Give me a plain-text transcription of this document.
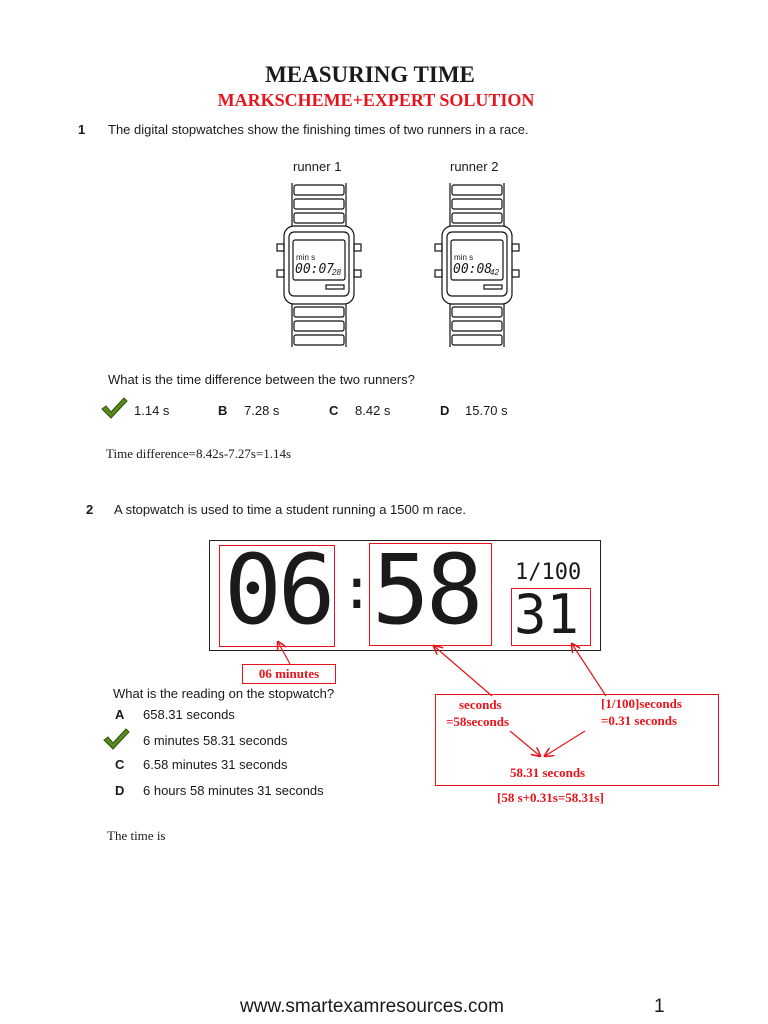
MEASURING TIME
MARKSCHEME+EXPERT SOLUTION
1 The digital stopwatches show the finishing times of two runners in a race.
runner 1	runner 2
min s
00:07
28
min s
00:08
42
What is the time difference between the two runners?
1.14 s	B 7.28 s	C 8.42 s	D 15.70 s
Time difference=8.42s-7.27s=1.14s
2 A stopwatch is used to time a student running a 1500 m race.
06 :
58 1/100
31
06 minutes
seconds
=58seconds
[1/100]seconds
=0.31 seconds
58.31 seconds
[58 s+0.31s=58.31s]
What is the reading on the stopwatch?
A 658.31 seconds
6 minutes 58.31 seconds
C 6.58 minutes 31 seconds
D 6 hours 58 minutes 31 seconds
The time is
www.smartexamresources.com	1
